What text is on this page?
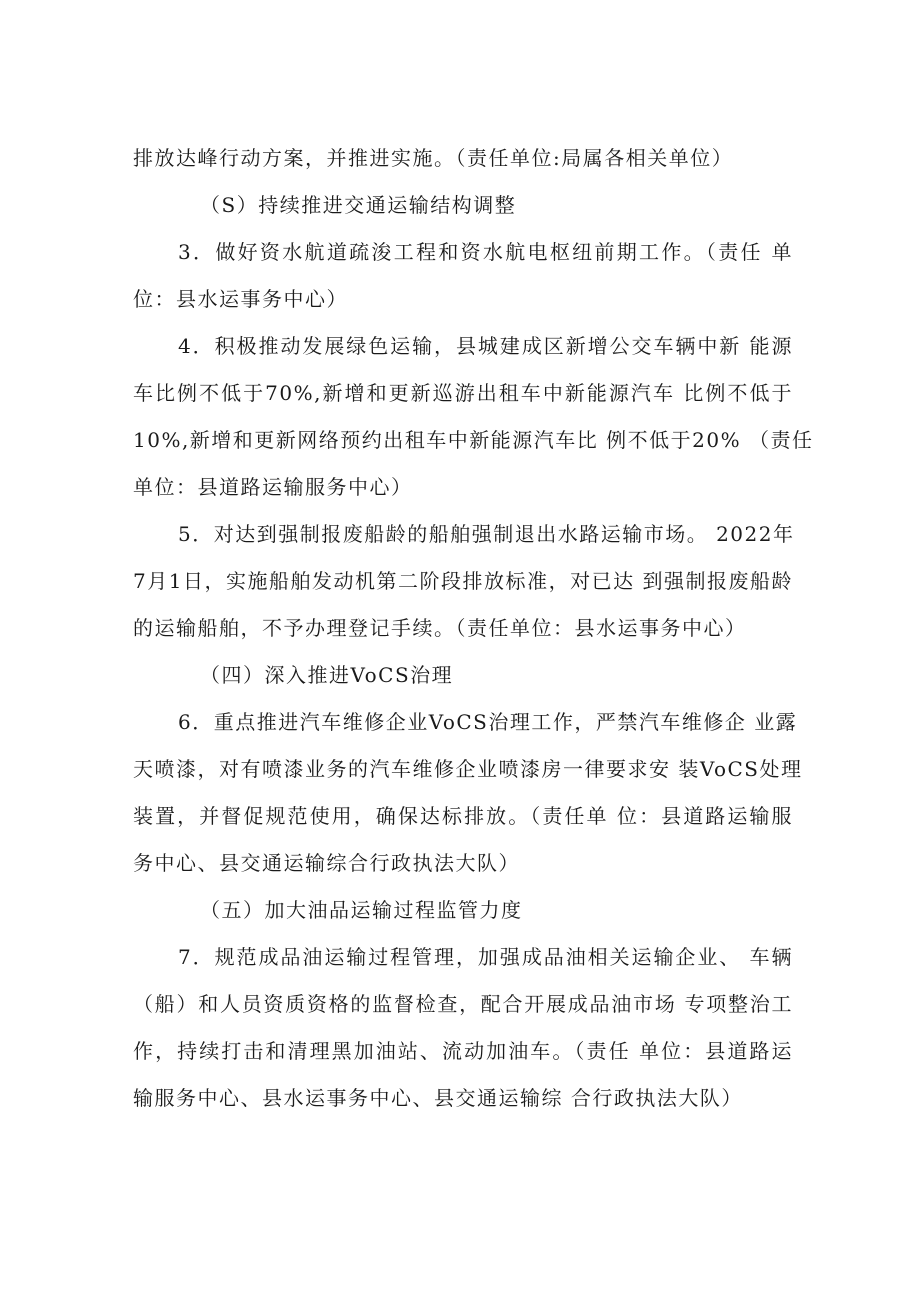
排放达峰行动方案，并推进实施。（责任单位:局属各相关单位）
（S）持续推进交通运输结构调整
3．做好资水航道疏浚工程和资水航电枢纽前期工作。（责任 单
位：县水运事务中心）
4．积极推动发展绿色运输，县城建成区新增公交车辆中新 能源
车比例不低于70%,新增和更新巡游出租车中新能源汽车 比例不低于
10%,新增和更新网络预约出租车中新能源汽车比 例不低于20% （责任
单位：县道路运输服务中心）
5．对达到强制报废船龄的船舶强制退出水路运输市场。 2022年
7月1日，实施船舶发动机第二阶段排放标准，对已达 到强制报废船龄
的运输船舶，不予办理登记手续。（责任单位：县水运事务中心）
（四）深入推进VoCS治理
6．重点推进汽车维修企业VoCS治理工作，严禁汽车维修企 业露
天喷漆，对有喷漆业务的汽车维修企业喷漆房一律要求安 装VoCS处理
装置，并督促规范使用，确保达标排放。（责任单 位：县道路运输服
务中心、县交通运输综合行政执法大队）
（五）加大油品运输过程监管力度
7．规范成品油运输过程管理，加强成品油相关运输企业、 车辆
（船）和人员资质资格的监督检查，配合开展成品油市场 专项整治工
作，持续打击和清理黑加油站、流动加油车。（责任 单位：县道路运
输服务中心、县水运事务中心、县交通运输综 合行政执法大队）
